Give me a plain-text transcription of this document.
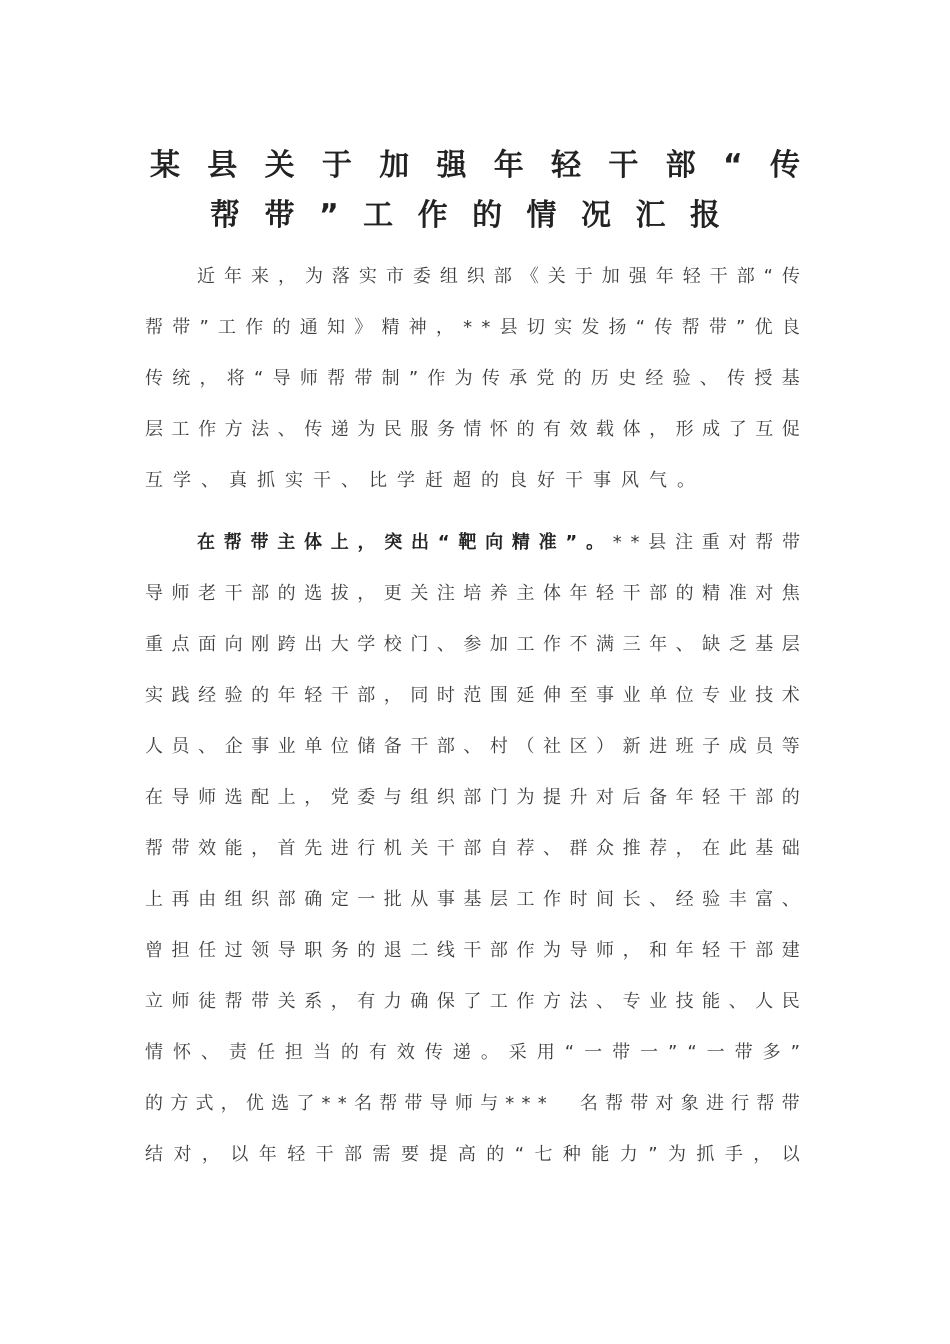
某 县 关 于 加 强 年 轻 干 部 “ 传
帮 带 ” 工 作 的 情 况 汇 报
近 年 来 ， 为 落 实 市 委 组 织 部 《 关 于 加 强 年 轻 干 部 “ 传
帮 带 ” 工 作 的 通 知 》 精 神 ， * * 县 切 实 发 扬 “ 传 帮 带 ” 优 良
传 统 ， 将 “ 导 师 帮 带 制 ” 作 为 传 承 党 的 历 史 经 验 、 传 授 基
层 工 作 方 法 、 传 递 为 民 服 务 情 怀 的 有 效 载 体 ， 形 成 了 互 促
互 学 、 真 抓 实 干 、 比 学 赶 超 的 良 好 干 事 风 气 。
在 帮 带 主 体 上 ， 突 出 “ 靶 向 精 准 ” 。 * * 县 注 重 对 帮 带
导 师 老 干 部 的 选 拔 ， 更 关 注 培 养 主 体 年 轻 干 部 的 精 准 对 焦
重 点 面 向 刚 跨 出 大 学 校 门 、 参 加 工 作 不 满 三 年 、 缺 乏 基 层
实 践 经 验 的 年 轻 干 部 ， 同 时 范 围 延 伸 至 事 业 单 位 专 业 技 术
人 员 、 企 事 业 单 位 储 备 干 部 、 村 （ 社 区 ） 新 进 班 子 成 员 等
在 导 师 选 配 上 ， 党 委 与 组 织 部 门 为 提 升 对 后 备 年 轻 干 部 的
帮 带 效 能 ， 首 先 进 行 机 关 干 部 自 荐 、 群 众 推 荐 ， 在 此 基 础
上 再 由 组 织 部 确 定 一 批 从 事 基 层 工 作 时 间 长 、 经 验 丰 富 、
曾 担 任 过 领 导 职 务 的 退 二 线 干 部 作 为 导 师 ， 和 年 轻 干 部 建
立 师 徒 帮 带 关 系 ， 有 力 确 保 了 工 作 方 法 、 专 业 技 能 、 人 民
情 怀 、 责 任 担 当 的 有 效 传 递 。 采 用 “ 一 带 一 ” “ 一 带 多 ”
的 方 式 ， 优 选 了 * * 名 帮 带 导 师 与 * * *

名 帮 带 对 象 进 行 帮 带
结 对 ， 以 年 轻 干 部 需 要 提 高 的 “ 七 种 能 力 ” 为 抓 手 ， 以
